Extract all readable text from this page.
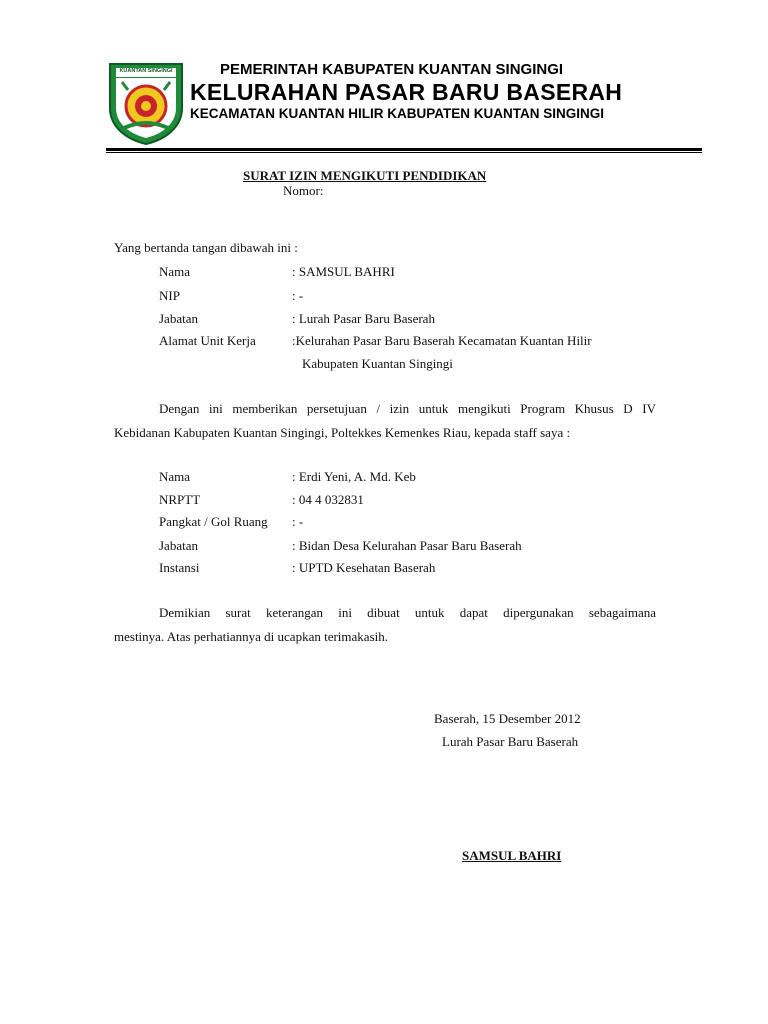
KUANTAN SINGINGI	PEMERINTAH KABUPATEN KUANTAN SINGINGI
KELURAHAN PASAR BARU BASERAH
KECAMATAN KUANTAN HILIR KABUPATEN KUANTAN SINGINGI
SURAT IZIN MENGIKUTI PENDIDIKAN
Nomor:
Yang bertanda tangan dibawah ini :
Nama	: SAMSUL BAHRI
NIP	: -
Jabatan	: Lurah Pasar Baru Baserah
Alamat Unit Kerja	:Kelurahan Pasar Baru Baserah Kecamatan Kuantan Hilir
Kabupaten Kuantan Singingi
Dengan ini memberikan persetujuan / izin untuk mengikuti Program Khusus D IV
Kebidanan Kabupaten Kuantan Singingi, Poltekkes Kemenkes Riau, kepada staff saya :
Nama	: Erdi Yeni, A. Md. Keb
NRPTT	: 04 4 032831
Pangkat / Gol Ruang : -
Jabatan	: Bidan Desa Kelurahan Pasar Baru Baserah
Instansi	: UPTD Kesehatan Baserah
Demikian surat keterangan ini dibuat untuk dapat dipergunakan sebagaimana
mestinya. Atas perhatiannya di ucapkan terimakasih.
Baserah, 15 Desember 2012
Lurah Pasar Baru Baserah
SAMSUL BAHRI
